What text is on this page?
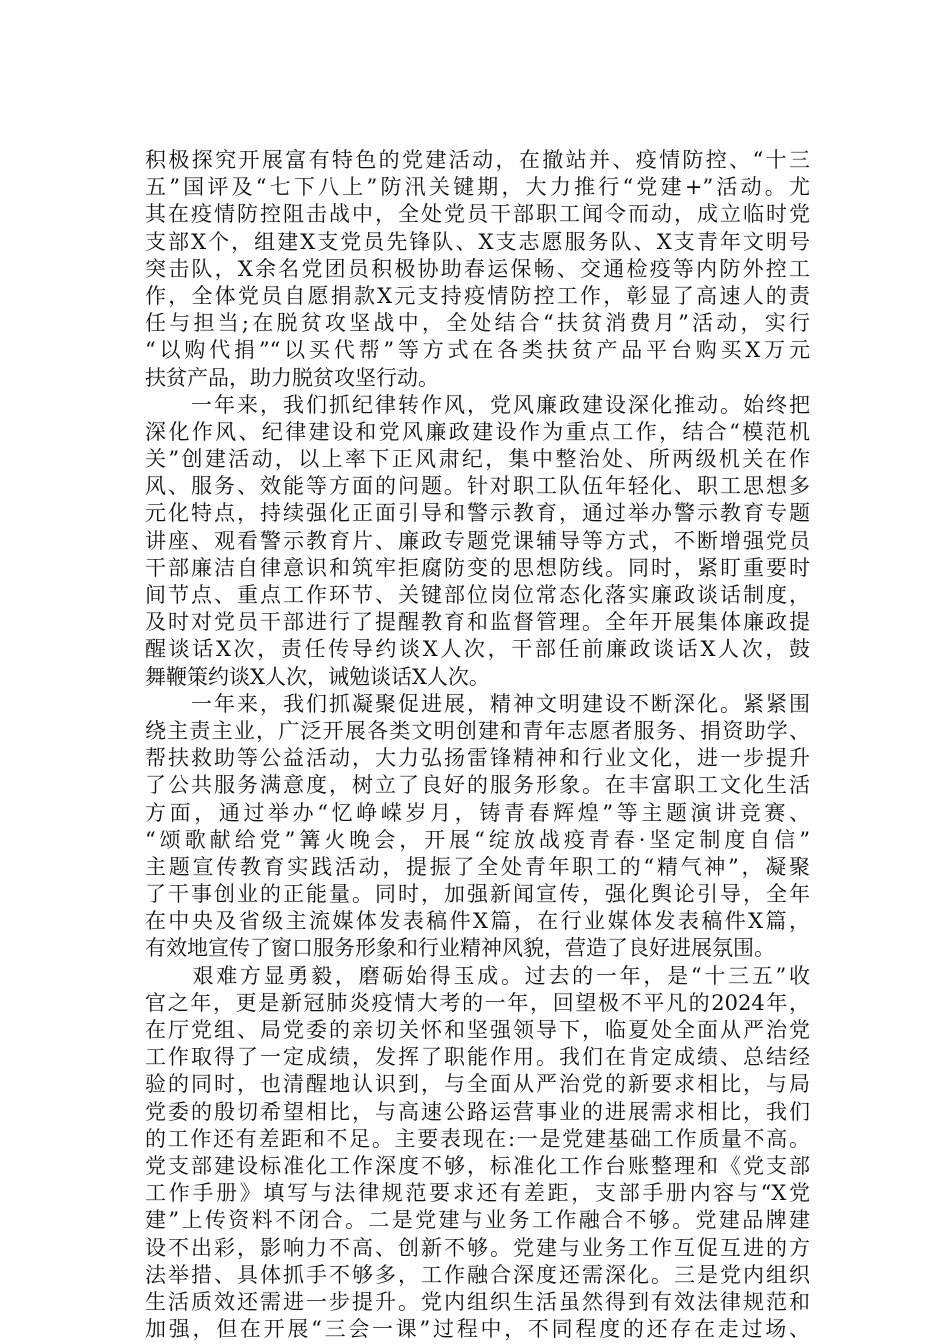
积极探究开展富有特色的党建活动，在撤站并、疫情防控、“十三
五”国评及“七下八上”防汛关键期，大力推行“党建+”活动。尤
其在疫情防控阻击战中，全处党员干部职工闻令而动，成立临时党
支部X个，组建X支党员先锋队、X支志愿服务队、X支青年文明号
突击队，X余名党团员积极协助春运保畅、交通检疫等内防外控工
作，全体党员自愿捐款X元支持疫情防控工作，彰显了高速人的责
任与担当;在脱贫攻坚战中，全处结合“扶贫消费月”活动，实行
“以购代捐”“以买代帮”等方式在各类扶贫产品平台购买X万元
扶贫产品，助力脱贫攻坚行动。
　　一年来，我们抓纪律转作风，党风廉政建设深化推动。始终把
深化作风、纪律建设和党风廉政建设作为重点工作，结合“模范机
关”创建活动，以上率下正风肃纪，集中整治处、所两级机关在作
风、服务、效能等方面的问题。针对职工队伍年轻化、职工思想多
元化特点，持续强化正面引导和警示教育，通过举办警示教育专题
讲座、观看警示教育片、廉政专题党课辅导等方式，不断增强党员
干部廉洁自律意识和筑牢拒腐防变的思想防线。同时，紧盯重要时
间节点、重点工作环节、关键部位岗位常态化落实廉政谈话制度，
及时对党员干部进行了提醒教育和监督管理。全年开展集体廉政提
醒谈话X次，责任传导约谈X人次，干部任前廉政谈话X人次，鼓
舞鞭策约谈X人次，诫勉谈话X人次。
　　一年来，我们抓凝聚促进展，精神文明建设不断深化。紧紧围
绕主责主业，广泛开展各类文明创建和青年志愿者服务、捐资助学、
帮扶救助等公益活动，大力弘扬雷锋精神和行业文化，进一步提升
了公共服务满意度，树立了良好的服务形象。在丰富职工文化生活
方面，通过举办“忆峥嵘岁月，铸青春辉煌”等主题演讲竞赛、
“颂歌献给党”篝火晚会，开展“绽放战疫青春·坚定制度自信”
主题宣传教育实践活动，提振了全处青年职工的“精气神”，凝聚
了干事创业的正能量。同时，加强新闻宣传，强化舆论引导，全年
在中央及省级主流媒体发表稿件X篇，在行业媒体发表稿件X篇，
有效地宣传了窗口服务形象和行业精神风貌，营造了良好进展氛围。
　　艰难方显勇毅，磨砺始得玉成。过去的一年，是“十三五”收
官之年，更是新冠肺炎疫情大考的一年，回望极不平凡的2024年，
在厅党组、局党委的亲切关怀和坚强领导下，临夏处全面从严治党
工作取得了一定成绩，发挥了职能作用。我们在肯定成绩、总结经
验的同时，也清醒地认识到，与全面从严治党的新要求相比，与局
党委的殷切希望相比，与高速公路运营事业的进展需求相比，我们
的工作还有差距和不足。主要表现在:一是党建基础工作质量不高。
党支部建设标准化工作深度不够，标准化工作台账整理和《党支部
工作手册》填写与法律规范要求还有差距，支部手册内容与“X党
建”上传资料不闭合。二是党建与业务工作融合不够。党建品牌建
设不出彩，影响力不高、创新不够。党建与业务工作互促互进的方
法举措、具体抓手不够多，工作融合深度还需深化。三是党内组织
生活质效还需进一步提升。党内组织生活虽然得到有效法律规范和
加强，但在开展“三会一课”过程中，不同程度的还存在走过场、
